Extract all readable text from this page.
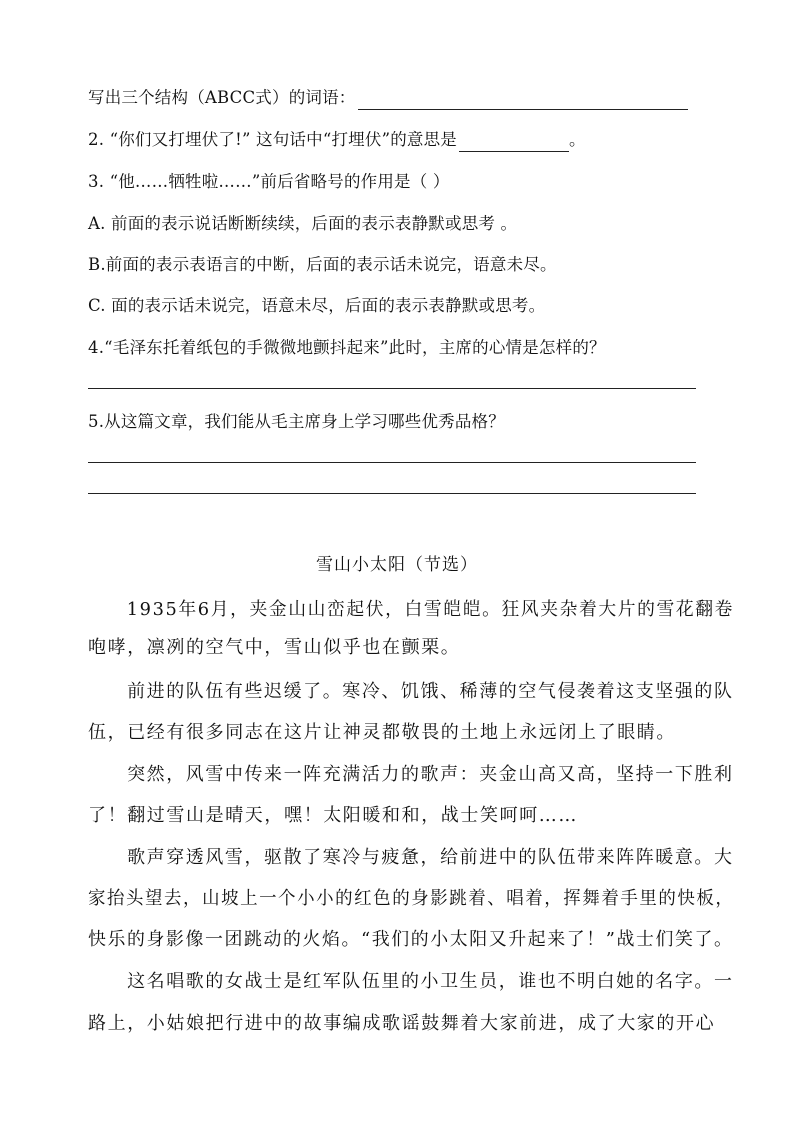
写出三个结构（ABCC式）的词语：
2. “你们又打埋伏了!” 这句话中“打埋伏”的意思是	。
3. “他……牺牲啦……”前后省略号的作用是（ ）
A. 前面的表示说话断断续续，后面的表示表静默或思考 。
B.前面的表示表语言的中断，后面的表示话未说完，语意未尽。
C. 面的表示话未说完，语意未尽，后面的表示表静默或思考。
4.“毛泽东托着纸包的手微微地颤抖起来”此时，主席的心情是怎样的？
5.从这篇文章，我们能从毛主席身上学习哪些优秀品格？
雪山小太阳（节选）
　　1935年6月，夹金山山峦起伏，白雪皑皑。狂风夹杂着大片的雪花翻卷
咆哮，凛冽的空气中，雪山似乎也在颤栗。
　　前进的队伍有些迟缓了。寒冷、饥饿、稀薄的空气侵袭着这支坚强的队
伍，已经有很多同志在这片让神灵都敬畏的土地上永远闭上了眼睛。
　　突然，风雪中传来一阵充满活力的歌声：夹金山高又高，坚持一下胜利
了！翻过雪山是晴天，嘿！太阳暖和和，战士笑呵呵……
　　歌声穿透风雪，驱散了寒冷与疲惫，给前进中的队伍带来阵阵暖意。大
家抬头望去，山坡上一个小小的红色的身影跳着、唱着，挥舞着手里的快板，
快乐的身影像一团跳动的火焰。“我们的小太阳又升起来了！”战士们笑了。
　　这名唱歌的女战士是红军队伍里的小卫生员，谁也不明白她的名字。一
路上，小姑娘把行进中的故事编成歌谣鼓舞着大家前进，成了大家的开心
